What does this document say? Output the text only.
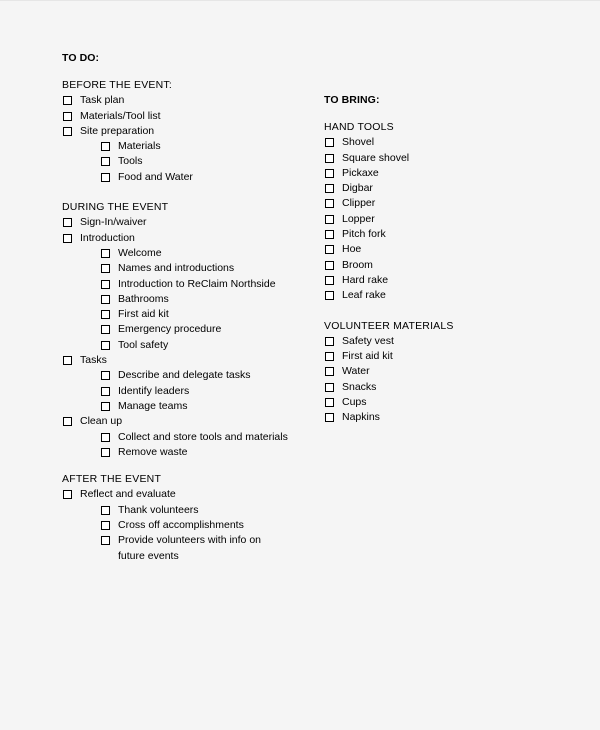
TO DO:
BEFORE THE EVENT:
Task plan
Materials/Tool list
Site preparation
Materials
Tools
Food and Water
DURING THE EVENT
Sign-In/waiver
Introduction
Welcome
Names and introductions
Introduction to ReClaim Northside
Bathrooms
First aid kit
Emergency procedure
Tool safety
Tasks
Describe and delegate tasks
Identify leaders
Manage teams
Clean up
Collect and store tools and materials
Remove waste
AFTER THE EVENT
Reflect and evaluate
Thank volunteers
Cross off accomplishments
Provide volunteers with info on future events
TO BRING:
HAND TOOLS
Shovel
Square shovel
Pickaxe
Digbar
Clipper
Lopper
Pitch fork
Hoe
Broom
Hard rake
Leaf rake
VOLUNTEER MATERIALS
Safety vest
First aid kit
Water
Snacks
Cups
Napkins
